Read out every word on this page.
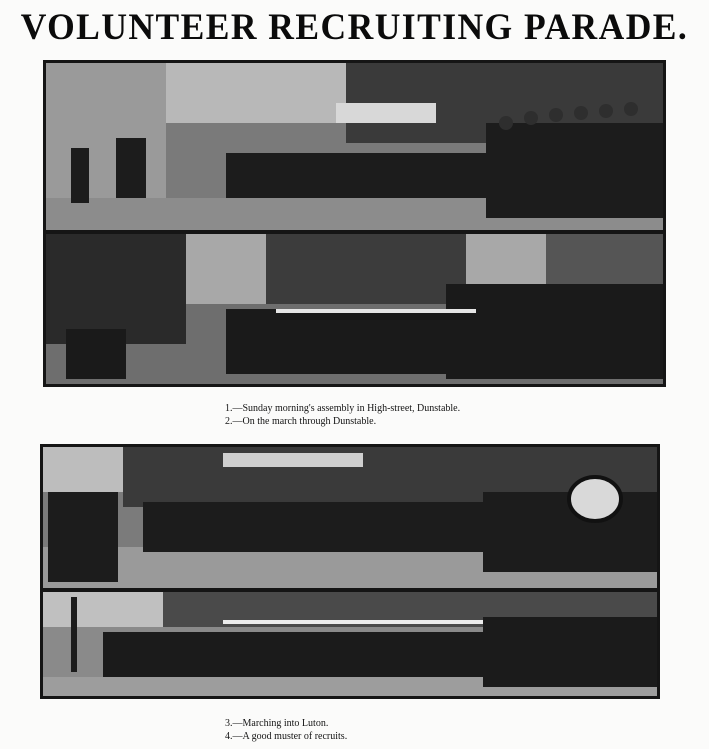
VOLUNTEER RECRUITING PARADE.
1.—Sunday morning's assembly in High-street, Dunstable.
2.—On the march through Dunstable.
3.—Marching into Luton.
4.—A good muster of recruits.
